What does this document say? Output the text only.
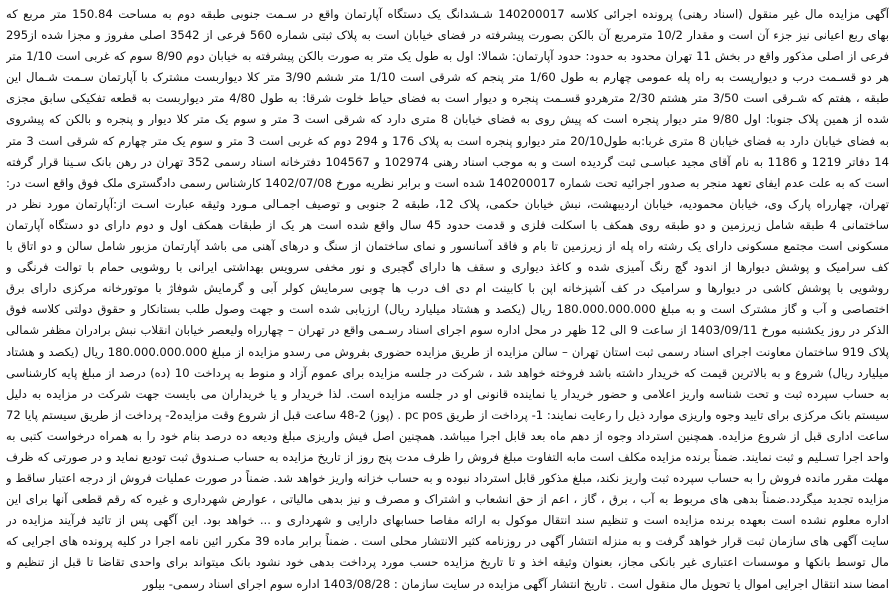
آگهی مزایده مال غیر منقول (اسناد رهنی) پرونده اجرائی کلاسه 140200017 شـشدانگ یک دستگاه آپارتمان واقع در سـمت جنوبی طبقه دوم به مساحت 150.84 متر مربع که
بهای ربع اعیانی نیز جزء آن است و مقدار 10/2 مترمربع آن بالکن بصورت پیشرفته در فضای خیابان است به پلاک ثبتی شماره 560 فرعی از 3542 اصلی مفروز و مجزا شده از295
فرعی از اصلی مذکور واقع در بخش 11 تهران محدود به حدود: حدود آپارتمان: شمالا: اول به طول یک متر به صورت بالکن پیشرفته به خیابان دوم 8/90 سوم که غربی است 1/10 متر
هر دو قسـمت درب و دیوارپست به راه پله عمومی چهارم به طول 1/60 متر پنجم که شرقی است 1/10 متر ششم 3/90 متر کلا دیواربست مشترک با آپارتمان سـمت شـمال این
طبقه ، هفتم که شـرقی است 3/50 متر هشتم 2/30 مترهردو قسـمت پنجره و دیوار است به فضای حیاط خلوت شرقا: به طول 4/80 متر دیواربست به قطعه تفکیکی سابق مجزی
شده از همین پلاک جنوبا: اول 9/80 متر دیوار پنجره است که پیش روی به فضای خیابان 8 متری دارد که شرقی است 3 متر و سوم یک متر کلا دیوار و پنجره و بالکن که پیشروی
به فضای خیابان دارد به فضای خیابان 8 متری غربا:به طول20/10 متر دیوارو پنجره است به پلاک 176 و 294 دوم که غربی است 3 متر و سوم یک متر چهارم که شرقی است 3 متر
14 دفاتر 1219 و 1186 به نام آقای مجید عباسـی ثبت گردیده است و به موجب اسناد رهنی 102974 و 104567 دفترخانه اسناد رسمی 352 تهران در رهن بانک سـینا قرار گرفته
است که به علت عدم ایفای تعهد منجر به صدور اجرائیه تحت شماره 140200017 شده است و برابر نظریه مورخ 1402/07/08 کارشناس رسمی دادگستری ملک فوق واقع است در:
تهران، چهارراه پارک وی، خیابان محمودیه، خیابان اردیبهشت، نبش خیابان حکمی، پلاک 12، طبقه 2 جنوبی و توصیف اجمـالی مـورد وثیقه عبارت اسـت از:آپارتمان مورد نظر در
ساختمانی 4 طبقه شامل زیرزمین و دو طبقه روی همکف با اسکلت فلزی و قدمت حدود 45 سال واقع شده است هر یک از طبقات همکف اول و دوم دارای دو دستگاه آپارتمان
مسکونی است مجتمع مسکونی دارای یک رشته راه پله از زیرزمین تا بام و فاقد آسانسور و نمای ساختمان از سنگ و درهای آهنی می باشد آپارتمان مزبور شامل سالن و دو اتاق با
کف سرامیک و پوشش دیوارها از اندود گچ رنگ آمیزی شده و کاغذ دیواری و سقف ها دارای گچبری و نور مخفی سرویس بهداشتی ایرانی با روشویی حمام با توالت فرنگی و
روشویی با پوشش کاشی در دیوارها و سرامیک در کف آشپزخانه اپن با کابینت ام دی اف درب ها چوبی سرمایش کولر آبی و گرمایش شوفاژ با موتورخانه مرکزی دارای برق
اختصاصی و آب و گاز مشترک است و به مبلغ 180.000.000.000 ریال (یکصد و هشتاد میلیارد ریال) ارزیابی شده است و جهت وصول طلب بستانکار و حقوق دولتی کلاسه فوق
الذکر در روز یکشنبه مورخ 1403/09/11 از ساعت 9 الی 12 ظهر در محل اداره سوم اجرای اسناد رسـمی واقع در تهران – چهارراه ولیعصر خیابان انقلاب نبش برادران مظفر شمالی
پلاک 919 ساختمان معاونت اجرای اسناد رسمی ثبت استان تهران – سالن مزایده از طریق مزایده حضوری بفروش می رسدو مزایده از مبلغ 180.000.000.000 ریال (یکصد و هشتاد
میلیارد ریال) شروع و به بالاترین قیمت که خریدار داشته باشد فروخته خواهد شد ، شرکت در جلسه مزایده برای عموم آزاد و منوط به پرداخت 10 (ده) درصد از مبلغ پایه کارشناسی
به حساب سپرده ثبت و تحت شناسه واریز اعلامی و حضور خریدار یا نماینده قانونی او در جلسه مزایده است. لذا خریدار و یا خریداران می بایست جهت شرکت در مزایده به دلیل
سیستم بانک مرکزی برای تایید وجوه واریزی موارد ذیل را رعایت نمایند: 1- پرداخت از طریق pc pos . (پوز) 2-48 ساعت قبل از شروع وقت مزایده2- پرداخت از طریق سیستم پایا 72
ساعت اداری قبل از شروع مزایده. همچنین استرداد وجوه از دهم ماه بعد قابل اجرا میباشد. همچنین اصل فیش واریزی مبلغ ودیعه ده درصد بنام خود را به همراه درخواست کتبی به
واحد اجرا تسـلیم و ثبت نمایند. ضمناً برنده مزایده مکلف است مابه التفاوت مبلغ فروش را ظرف مدت پنج روز از تاریخ مزایده به حساب صـندوق ثبت تودیع نماید و در صورتی که ظرف
مهلت مقرر مانده فروش را به حساب سپرده ثبت واریز نکند، مبلغ مذکور قابل استرداد نبوده و به حساب خزانه واریز خواهد شد. ضمناً در صورت عملیات فروش از درجه اعتبار ساقط و
مزایده تجدید میگردد.ضمناً بدهی های مربوط به آب ، برق ، گاز ، اعم از حق انشعاب و اشتراک و مصرف و نیز بدهی مالیاتی ، عوارض شهرداری و غیره که رقم قطعی آنها برای این
اداره معلوم نشده است بعهده برنده مزایده است و تنظیم سند انتقال موکول به ارائه مفاصا حسابهای دارایی و شهرداری و ... خواهد بود. این آگهی پس از تائید فرآیند مزایده در
سایت آگهی های سازمان ثبت قرار خواهد گرفت و به منزله انتشار آگهی در روزنامه کثیر الانتشار محلی است . ضمناً برابر ماده 39 مکرر ائین نامه اجرا در کلیه پرونده های اجرایی که
مال توسط بانکها و موسسات اعتباری غیر بانکی مجاز، بعنوان وثیقه اخذ و تا تاریخ مزایده حسب مورد پرداخت بدهی خود نشود بانک میتواند برای واحدی تقاضا تا قبل از تنظیم و
امضا سند انتقال اجرایی اموال یا تحویل مال منقول است . تاریخ انتشار آگهی مزایده در سایت سازمان : 1403/08/28 اداره سوم اجرای اسناد رسمی- بیلور
